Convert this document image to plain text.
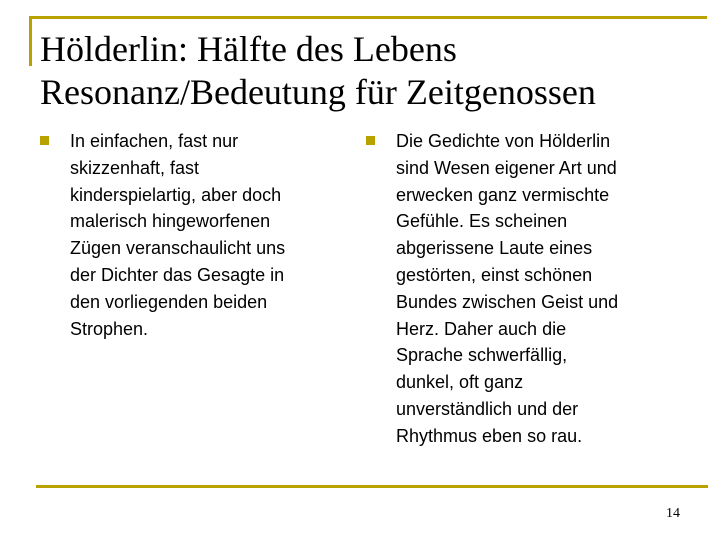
Hölderlin: Hälfte des Lebens
Resonanz/Bedeutung für Zeitgenossen

In einfachen, fast nur
skizzenhaft, fast
kinderspielartig, aber doch
malerisch hingeworfenen
Zügen veranschaulicht uns
der Dichter das Gesagte in
den vorliegenden beiden
Strophen.

Die Gedichte von Hölderlin
sind Wesen eigener Art und
erwecken ganz vermischte
Gefühle. Es scheinen
abgerissene Laute eines
gestörten, einst schönen
Bundes zwischen Geist und
Herz. Daher auch die
Sprache schwerfällig,
dunkel, oft ganz
unverständlich und der
Rhythmus eben so rau.

14
